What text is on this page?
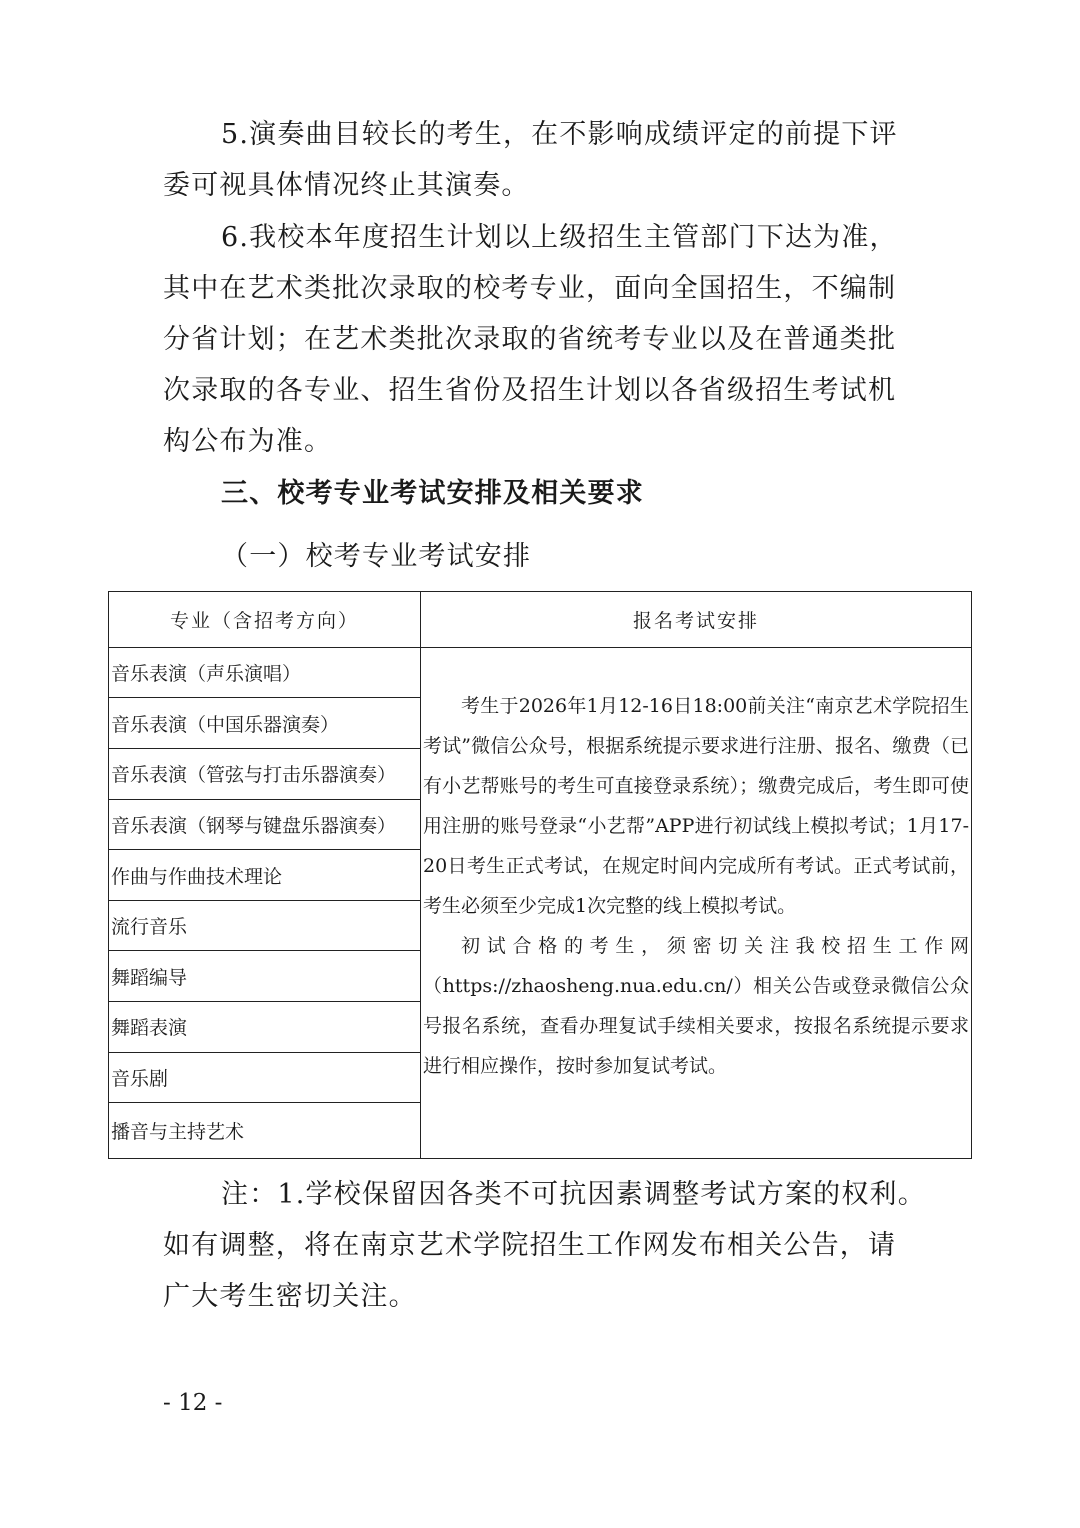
5.演奏曲目较长的考生，在不影响成绩评定的前提下评

委可视具体情况终止其演奏。

6.我校本年度招生计划以上级招生主管部门下达为准，

其中在艺术类批次录取的校考专业，面向全国招生，不编制

分省计划；在艺术类批次录取的省统考专业以及在普通类批

次录取的各专业、招生省份及招生计划以各省级招生考试机

构公布为准。

三、校考专业考试安排及相关要求

（一）校考专业考试安排

专业（含招考方向）	报名考试安排
音乐表演（声乐演唱）	考生于2026年1月12-16日18:00前关注“南京艺术学院招生考试”微信公众号，根据系统提示要求进行注册、报名、缴费（已有小艺帮账号的考生可直接登录系统）；缴费完成后，考生即可使用注册的账号登录“小艺帮”APP进行初试线上模拟考试；1月17-20日考生正式考试，在规定时间内完成所有考试。正式考试前，考生必须至少完成1次完整的线上模拟考试。
初试合格的考生，须密切关注我校招生工作网（https://zhaosheng.nua.edu.cn/）相关公告或登录微信公众号报名系统，查看办理复试手续相关要求，按报名系统提示要求进行相应操作，按时参加复试考试。

音乐表演（中国乐器演奏）	
音乐表演（管弦与打击乐器演奏）	
音乐表演（钢琴与键盘乐器演奏）	
作曲与作曲技术理论	
流行音乐	
舞蹈编导	
舞蹈表演	
音乐剧	
播音与主持艺术	

注：1.学校保留因各类不可抗因素调整考试方案的权利。

如有调整，将在南京艺术学院招生工作网发布相关公告，请

广大考生密切关注。

- 12 -
